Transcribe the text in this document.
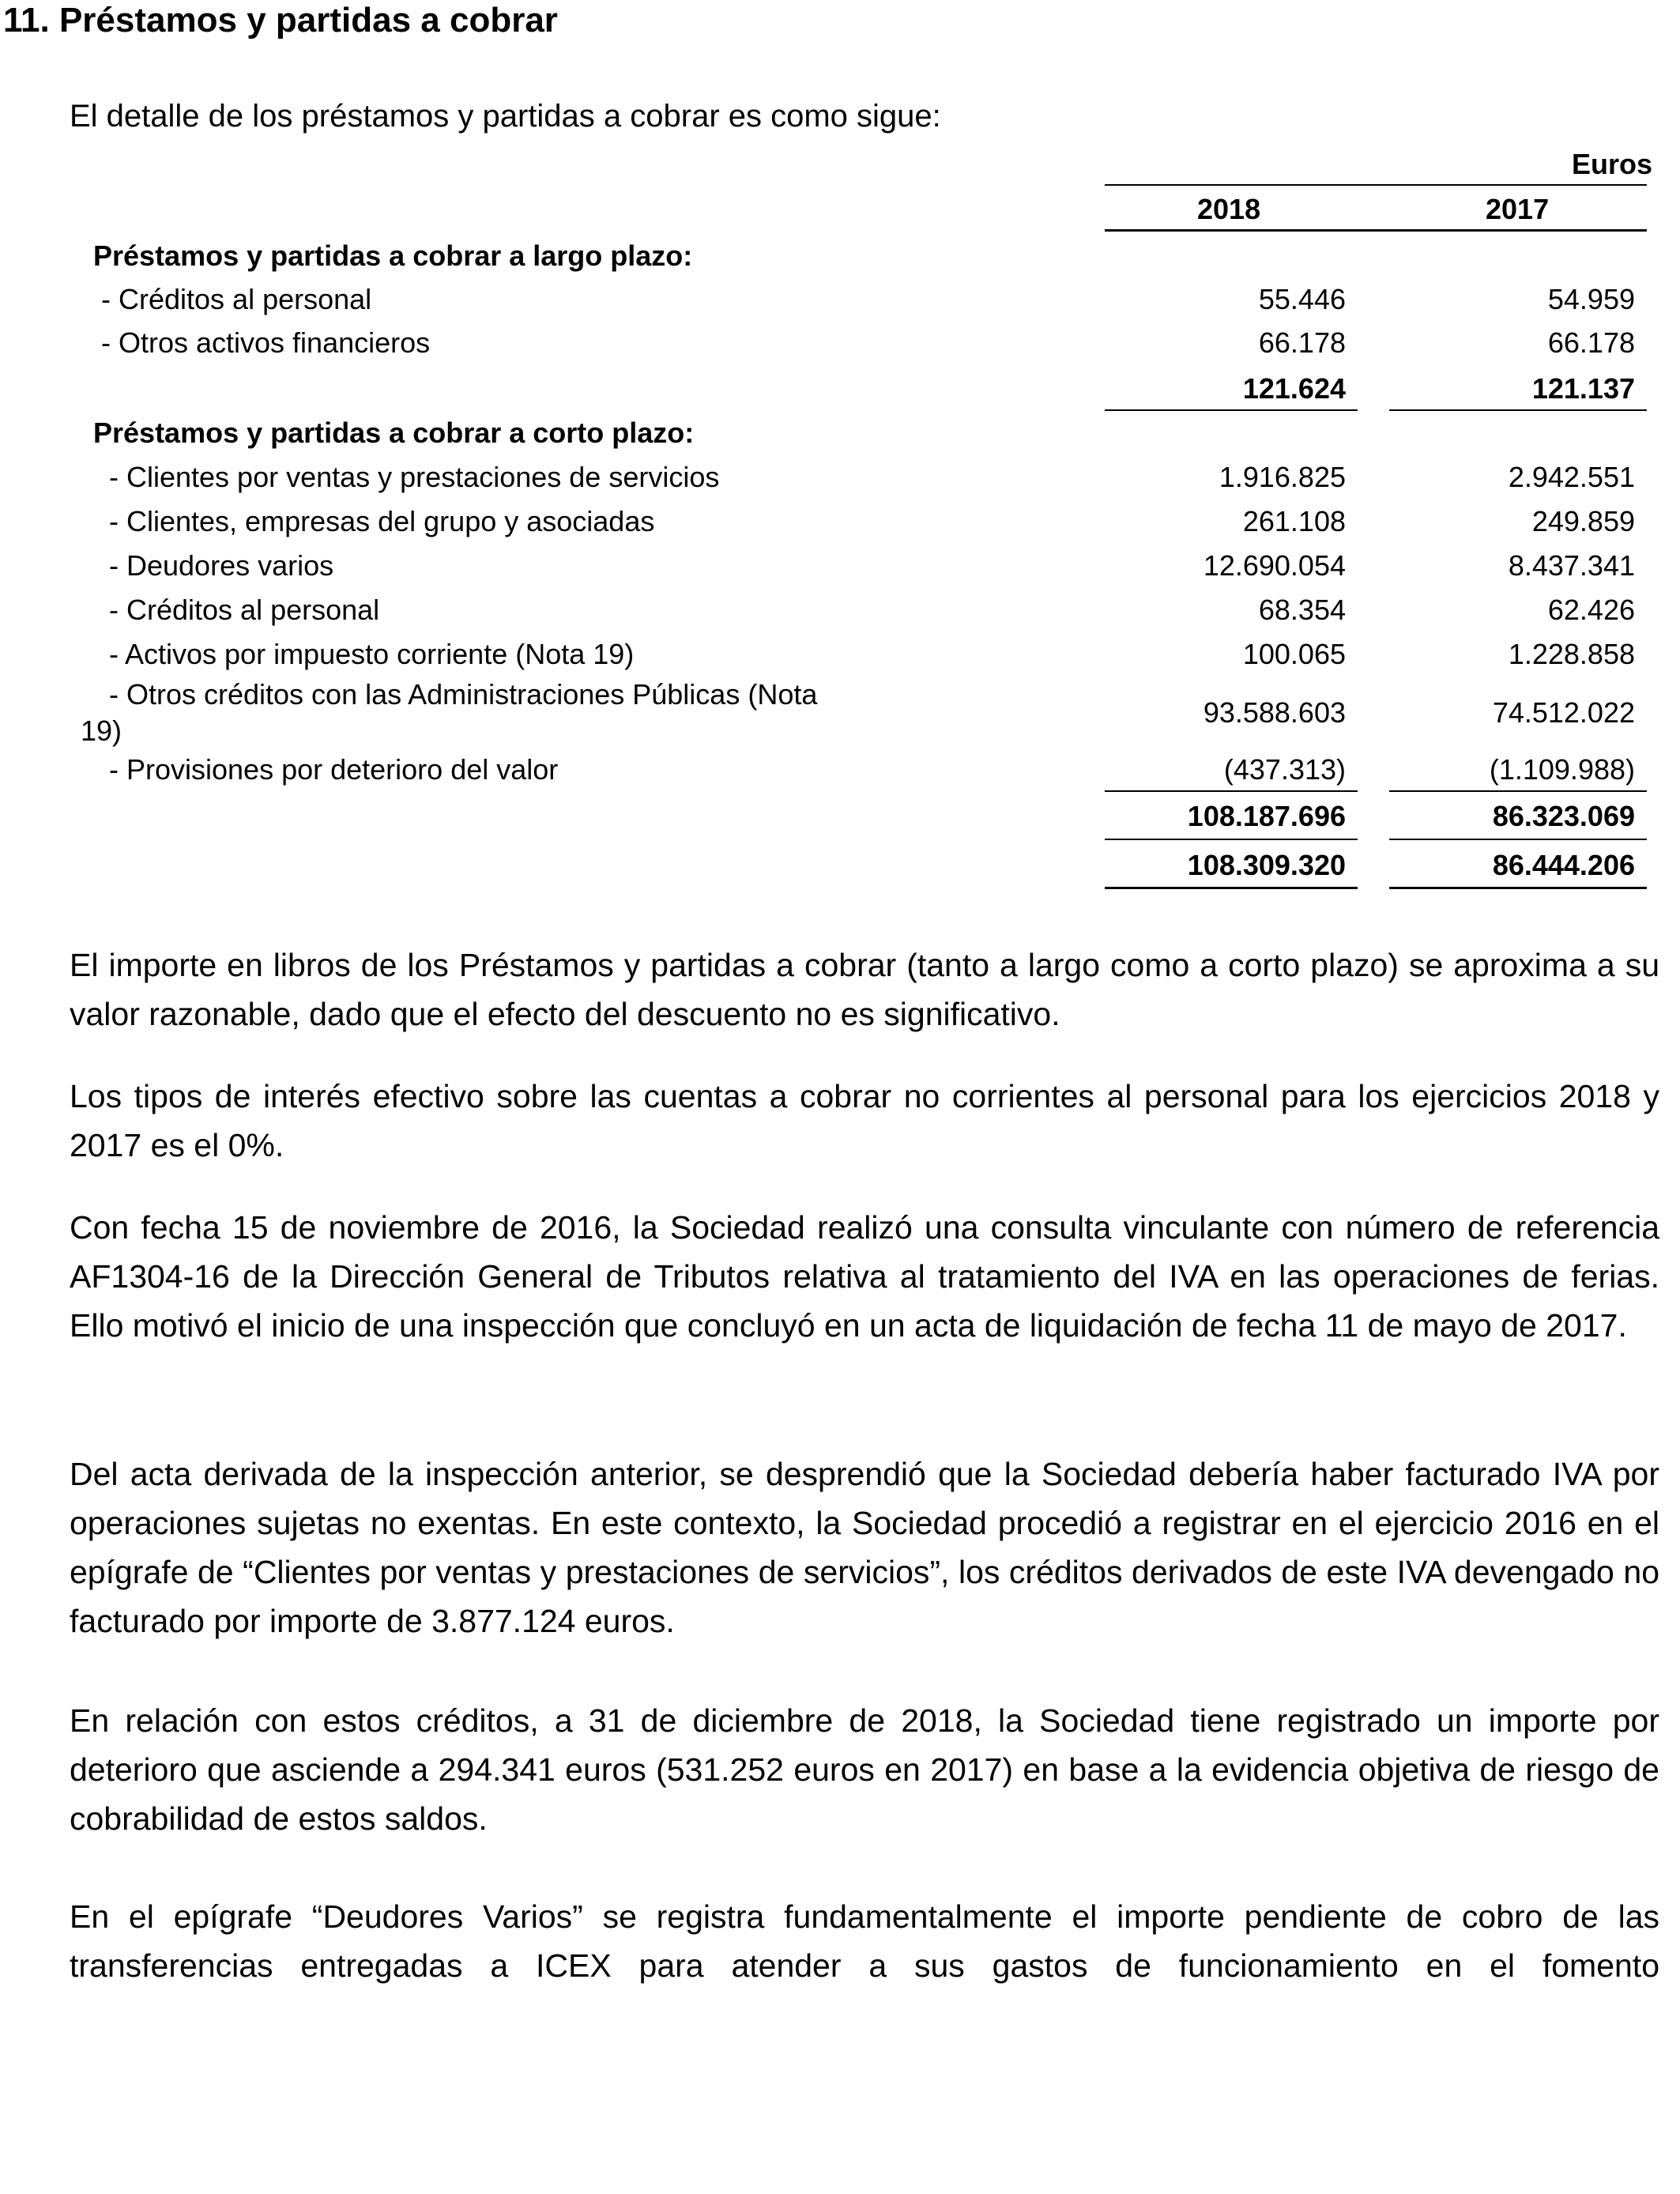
11. Préstamos y partidas a cobrar

El detalle de los préstamos y partidas a cobrar es como sigue:

Euros
2018	2017
Préstamos y partidas a cobrar a largo plazo:
- Créditos al personal	55.446	54.959
- Otros activos financieros	66.178	66.178
121.624	121.137
Préstamos y partidas a cobrar a corto plazo:
- Clientes por ventas y prestaciones de servicios	1.916.825	2.942.551
- Clientes, empresas del grupo y asociadas	261.108	249.859
- Deudores varios	12.690.054	8.437.341
- Créditos al personal	68.354	62.426
- Activos por impuesto corriente (Nota 19)	100.065	1.228.858
- Otros créditos con las Administraciones Públicas (Nota
19)
93.588.603	74.512.022
- Provisiones por deterioro del valor	(437.313)	(1.109.988)
108.187.696	86.323.069
108.309.320	86.444.206

El importe en libros de los Préstamos y partidas a cobrar (tanto a largo como a corto plazo) se aproxima a su valor razonable, dado que el efecto del descuento no es significativo.

Los tipos de interés efectivo sobre las cuentas a cobrar no corrientes al personal para los ejercicios 2018 y 2017 es el 0%.

Con fecha 15 de noviembre de 2016, la Sociedad realizó una consulta vinculante con número de referencia AF1304-16 de la Dirección General de Tributos relativa al tratamiento del IVA en las operaciones de ferias. Ello motivó el inicio de una inspección que concluyó en un acta de liquidación de fecha 11 de mayo de 2017.

Del acta derivada de la inspección anterior, se desprendió que la Sociedad debería haber facturado IVA por operaciones sujetas no exentas. En este contexto, la Sociedad procedió a registrar en el ejercicio 2016 en el epígrafe de “Clientes por ventas y prestaciones de servicios”, los créditos derivados de este IVA devengado no facturado por importe de 3.877.124 euros.

En relación con estos créditos, a 31 de diciembre de 2018, la Sociedad tiene registrado un importe por deterioro que asciende a 294.341 euros (531.252 euros en 2017) en base a la evidencia objetiva de riesgo de cobrabilidad de estos saldos.

En el epígrafe “Deudores Varios” se registra fundamentalmente el importe pendiente de cobro de las transferencias entregadas a ICEX para atender a sus gastos de funcionamiento en el fomento
